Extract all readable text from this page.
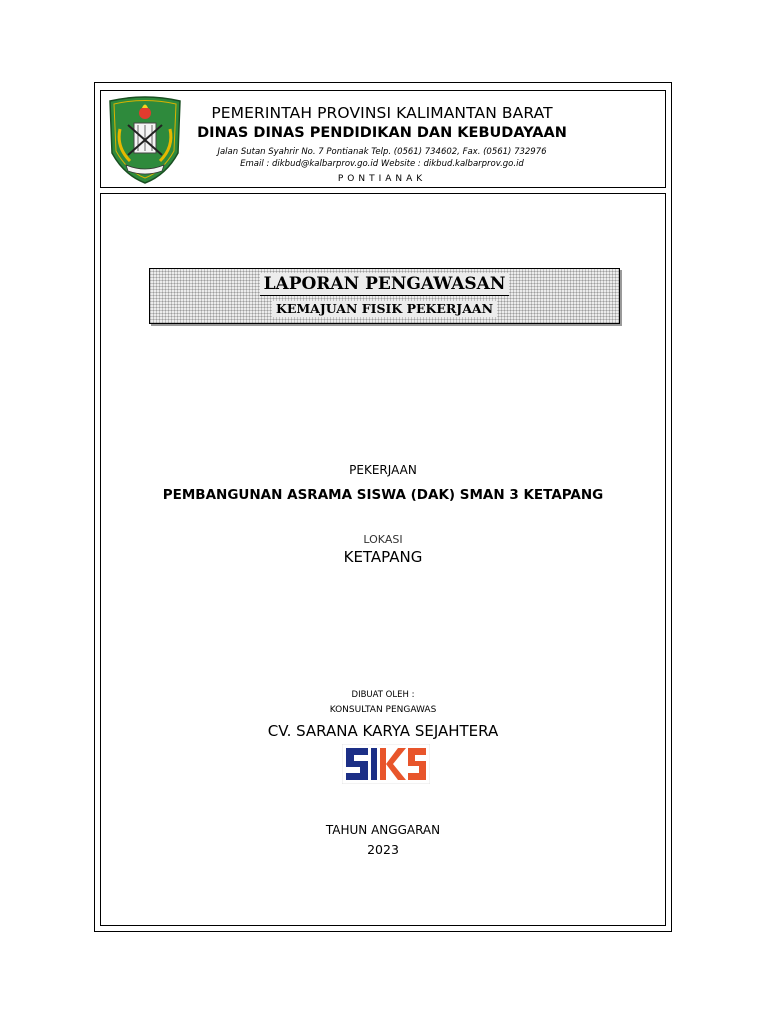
PEMERINTAH PROVINSI KALIMANTAN BARAT
DINAS DINAS PENDIDIKAN DAN KEBUDAYAAN
Jalan Sutan Syahrir No. 7 Pontianak Telp. (0561) 734602, Fax. (0561) 732976
Email : dikbud@kalbarprov.go.id Website : dikbud.kalbarprov.go.id
PONTIANAK
LAPORAN PENGAWASAN
KEMAJUAN FISIK PEKERJAAN
PEKERJAAN
PEMBANGUNAN ASRAMA SISWA (DAK) SMAN 3 KETAPANG
LOKASI
KETAPANG
DIBUAT OLEH :
KONSULTAN PENGAWAS
CV. SARANA KARYA SEJAHTERA
TAHUN ANGGARAN
2023
